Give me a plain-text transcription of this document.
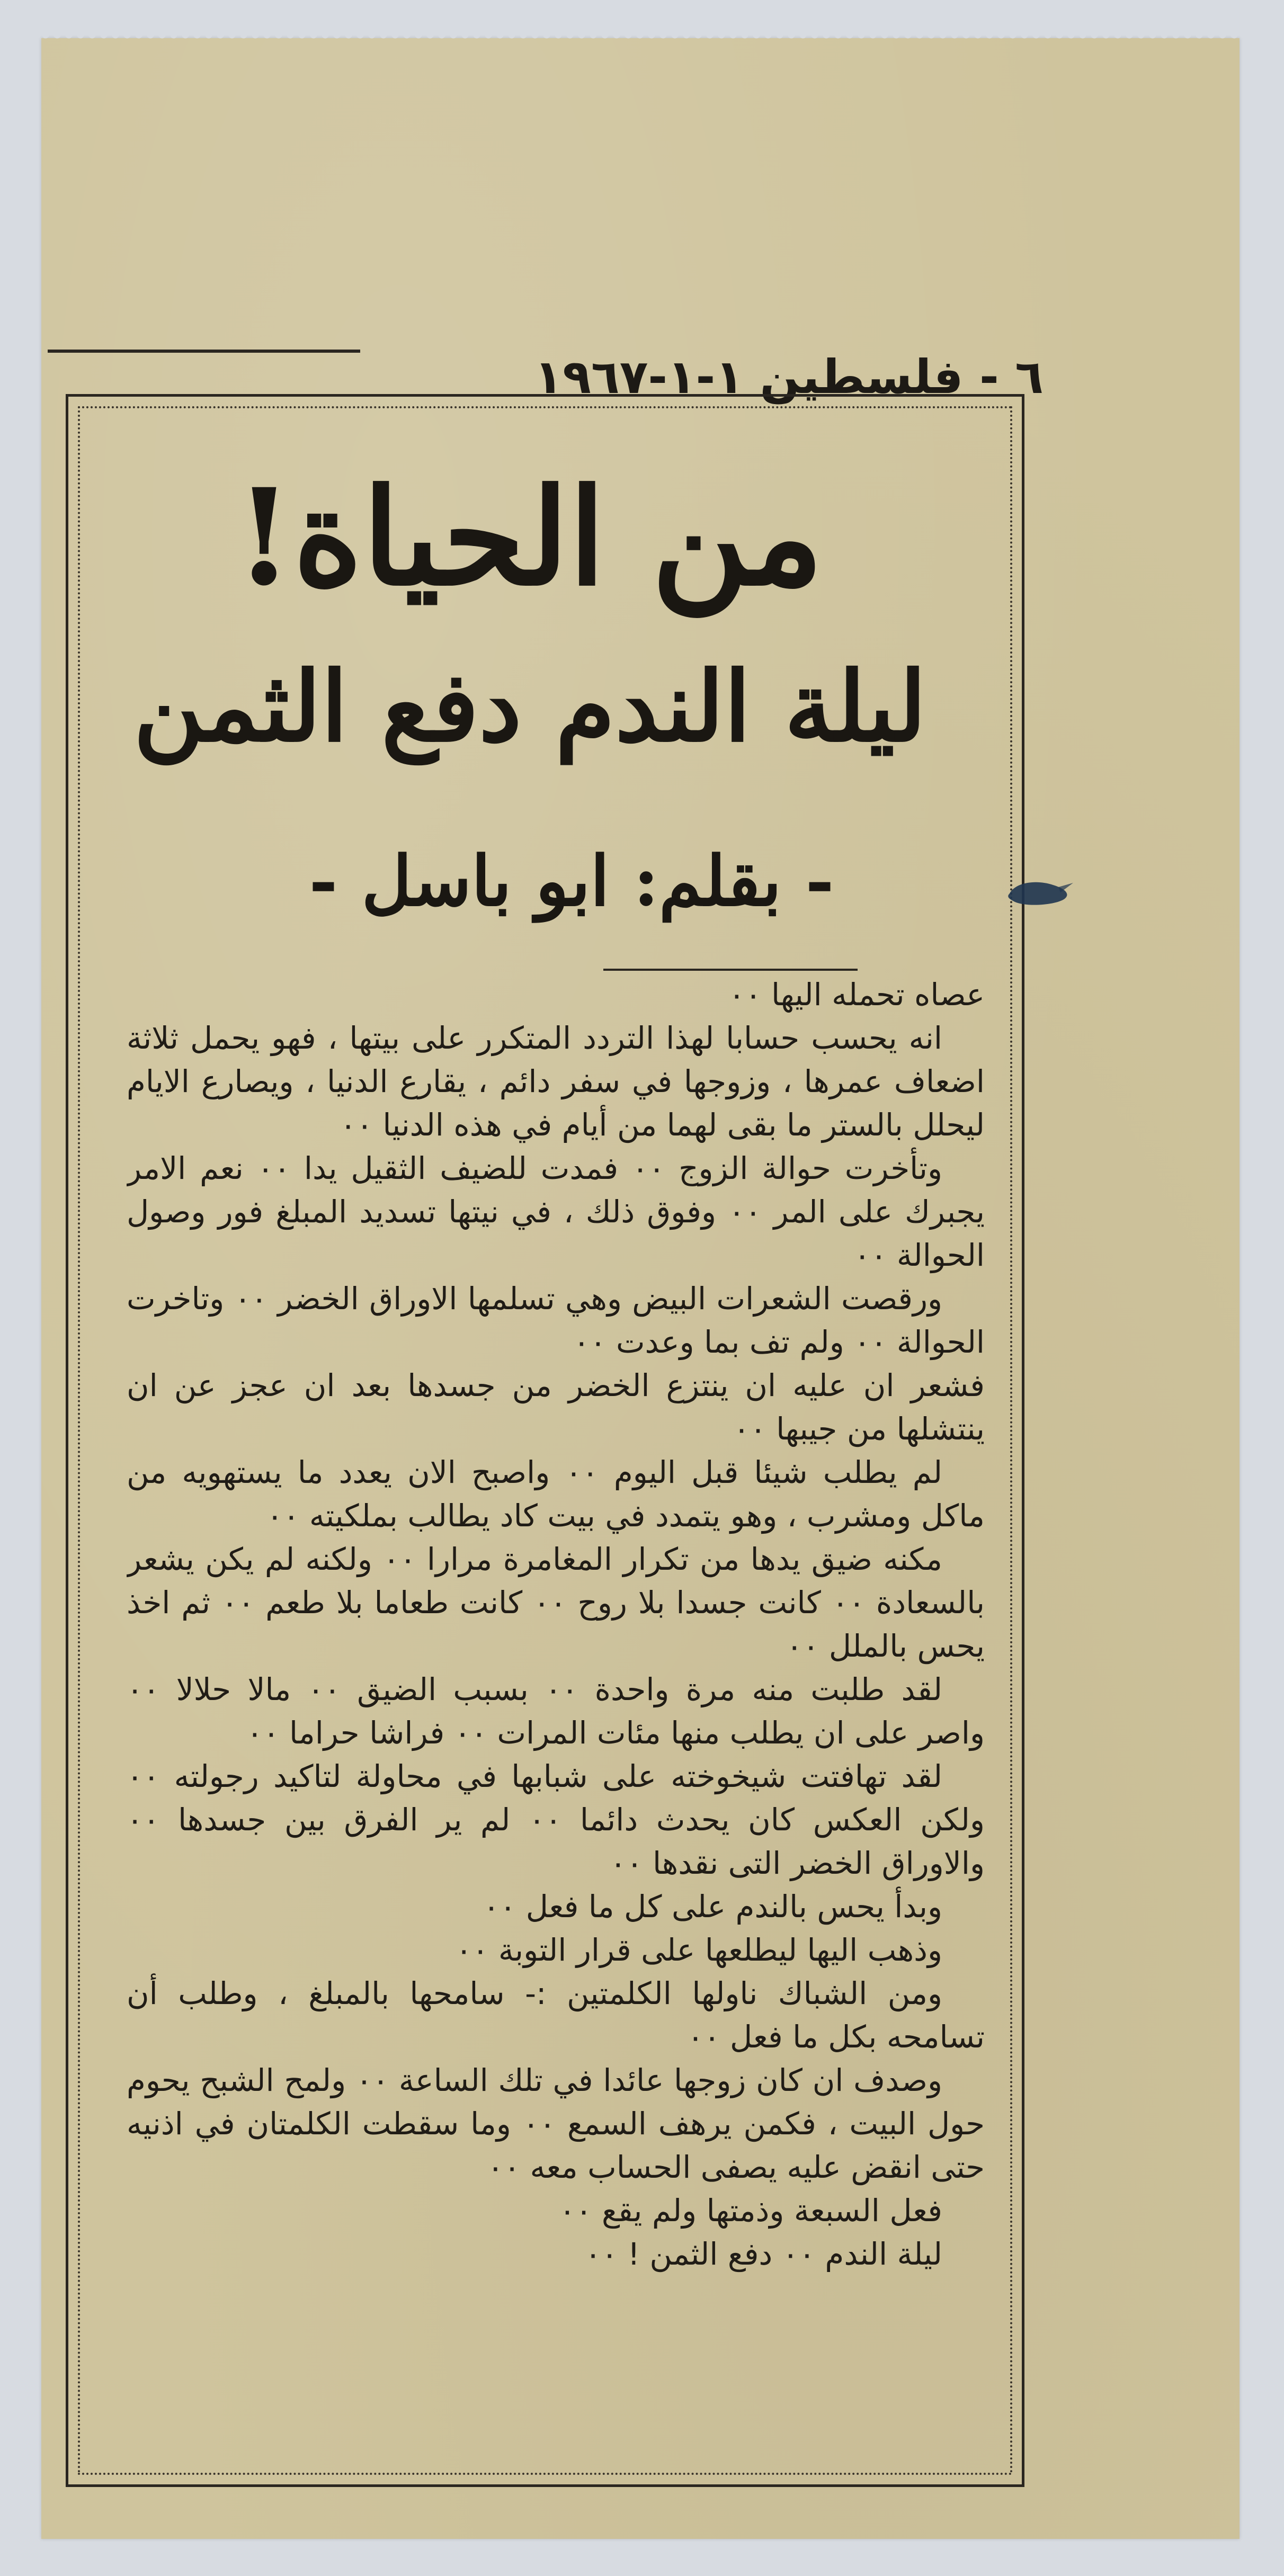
٦ - فلسطين ١-١-١٩٦٧
من الحياة!
ليلة الندم دفع الثمن
- بقلم: ابو باسل -

عصاه تحمله اليها ٠٠

انه يحسب حسابا لهذا التردد المتكرر على بيتها ، فهو يحمل ثلاثة اضعاف عمرها ، وزوجها في سفر دائم ، يقارع الدنيا ، ويصارع الايام ليحلل بالستر ما بقى لهما من أيام في هذه الدنيا ٠٠

وتأخرت حوالة الزوج ٠٠ فمدت للضيف الثقيل يدا ٠٠ نعم الامر يجبرك على المر ٠٠ وفوق ذلك ، في نيتها تسديد المبلغ فور وصول الحوالة ٠٠

ورقصت الشعرات البيض وهي تسلمها الاوراق الخضر ٠٠ وتاخرت الحوالة ٠٠ ولم تف بما وعدت ٠٠

فشعر ان عليه ان ينتزع الخضر من جسدها بعد ان عجز عن ان ينتشلها من جيبها ٠٠

لم يطلب شيئا قبل اليوم ٠٠ واصبح الان يعدد ما يستهويه من ماكل ومشرب ، وهو يتمدد في بيت كاد يطالب بملكيته ٠٠

مكنه ضيق يدها من تكرار المغامرة مرارا ٠٠ ولكنه لم يكن يشعر بالسعادة ٠٠ كانت جسدا بلا روح ٠٠ كانت طعاما بلا طعم ٠٠ ثم اخذ يحس بالملل ٠٠

لقد طلبت منه مرة واحدة ٠٠ بسبب الضيق ٠٠ مالا حلالا ٠٠ واصر على ان يطلب منها مئات المرات ٠٠ فراشا حراما ٠٠

لقد تهافتت شيخوخته على شبابها في محاولة لتاكيد رجولته ٠٠ ولكن العكس كان يحدث دائما ٠٠ لم ير الفرق بين جسدها ٠٠ والاوراق الخضر التى نقدها ٠٠

وبدأ يحس بالندم على كل ما فعل ٠٠

وذهب اليها ليطلعها على قرار التوبة ٠٠

ومن الشباك ناولها الكلمتين :- سامحها بالمبلغ ، وطلب أن تسامحه بكل ما فعل ٠٠

وصدف ان كان زوجها عائدا في تلك الساعة ٠٠ ولمح الشبح يحوم حول البيت ، فكمن يرهف السمع ٠٠ وما سقطت الكلمتان في اذنيه حتى انقض عليه يصفى الحساب معه ٠٠

فعل السبعة وذمتها ولم يقع ٠٠

ليلة الندم ٠٠ دفع الثمن ! ٠٠
